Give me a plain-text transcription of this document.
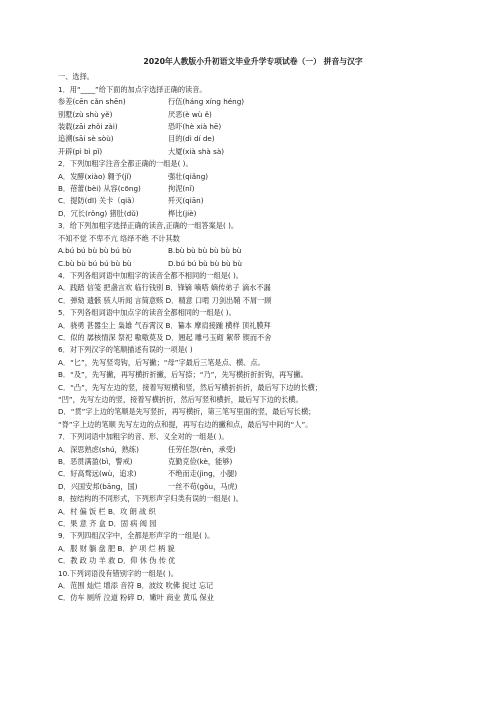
2020年人教版小升初语文毕业升学专项试卷（一） 拼音与汉字
一、选择。
1．用“____”给下面的加点字选择正确的读音。
参差(cēn cǎn shēn)	行伍(háng xíng héng)
别墅(zù shù yě)	厌恶(è wù ě)
装载(zāi zhǒi zài)	恐吓(hè xià hē)
追溯(sāi sè sòù)	目的(dì dí de)
开辟(pì bì pǐ)	大厦(xià shà sà)
2．下列加粗字注音全都正确的一组是( )。
A．发酵(xiào) 翱予(jǐ)	强壮(qiǎng)
B．蓓蕾(bèi) 从容(cōng)	拘泥(nǐ)
C．提防(dī) 关卡（qiǎ）	歼灭(qiān)
D．冗长(rǒng) 猪肚(dǔ)	桦比(jiè)
3．给下列加粗字选择正确的读音,正确的一组答案是( )。
不知不觉 不卑不亢 络绎不绝 不计其数
A.bú bú bù bù bú bù	B.bù bù bù bù bù bù
C.bù bù bú bú bù bù	D.bú bú bù bù bù bù
4．下列各组词语中加粗字的读音全都不相同的一组是( )。
A．践踏 信笺 把盏言欢 临行钱别 B．锋镝 嘀嗒 嫡传弟子 滴水不漏
C．弹劾 遗骸 骇人听闻 言简意赅 D．精意 口啃 刀剑出鞘 不屑一顾
5．下列各组词语中加点字的读音全都相同的一组是( )。
A．骁勇 甚嚣尘上 枭雄 气吞霄汉 B．纂本 摩肩接踵 横样 顶礼膜拜
C．似的 孱核情深 祭祀 嗷嗷莫及 D．翘起 雕弓玉砌 絮带 锲而不舍
6．对下列汉字的笔顺描述有误的一项是( )
A．“匕”，先写竖弯钩，后写撇；“母”字最后三笔是点、横、点。
B．“及”，先写撇，再写横折折撇，后写捺；“乃”，先写横折折折钩，再写撇。
C．“凸”，先写左边的竖，接着写短横和竖，然后写横折折折，最后写下边的长横；
“凹”，先写左边的竖，接着写横折折，然后写竖和横折，最后写下边的长横。
D．“贯”字上边的笔顺是先写竖折，再写横折，第三笔写里面的竖，最后写长横；
“脊”字上边的笔顺 先写左边的点和提，再写右边的撇和点，最后写中间的“人”。
7．下列词语中加粗字的音、形、义全对的一组是( )。
A．深思熟虑(shú，熟练)	任劳任怨(rèn，承受)
B．恶贯满盈(bì，警戒)	克勤克俭(kè，能够)
C．好高骛远(wù，追求)	不绝而走(jìng，小腿)
D．兴国安邦(bāng，国)	一丝不苟(gǒu，马虎)
8．按结构的不同形式，下列形声字归类有误的一组是( )。
A．村 偏 饭 栏 B．攻 朗 战 织
C．果 意 齐 盒 D．固 病 阀 园
9．下列四组汉字中，全都是形声字的一组是( )。
A．服 财 躺 盘 肥 B．护 项 烂 柄 貌
C．教 政 功 羊 救 D．仰 休 伪 传 优
10.下列词语没有错别字的一组是( )。
A．范围 灿烂 增添 音符 B．波纹 吹佛 捉过 忘记
C．仿车 厕所 泣道 粉碎 D．嫩叶 商业 黄瓜 保业
